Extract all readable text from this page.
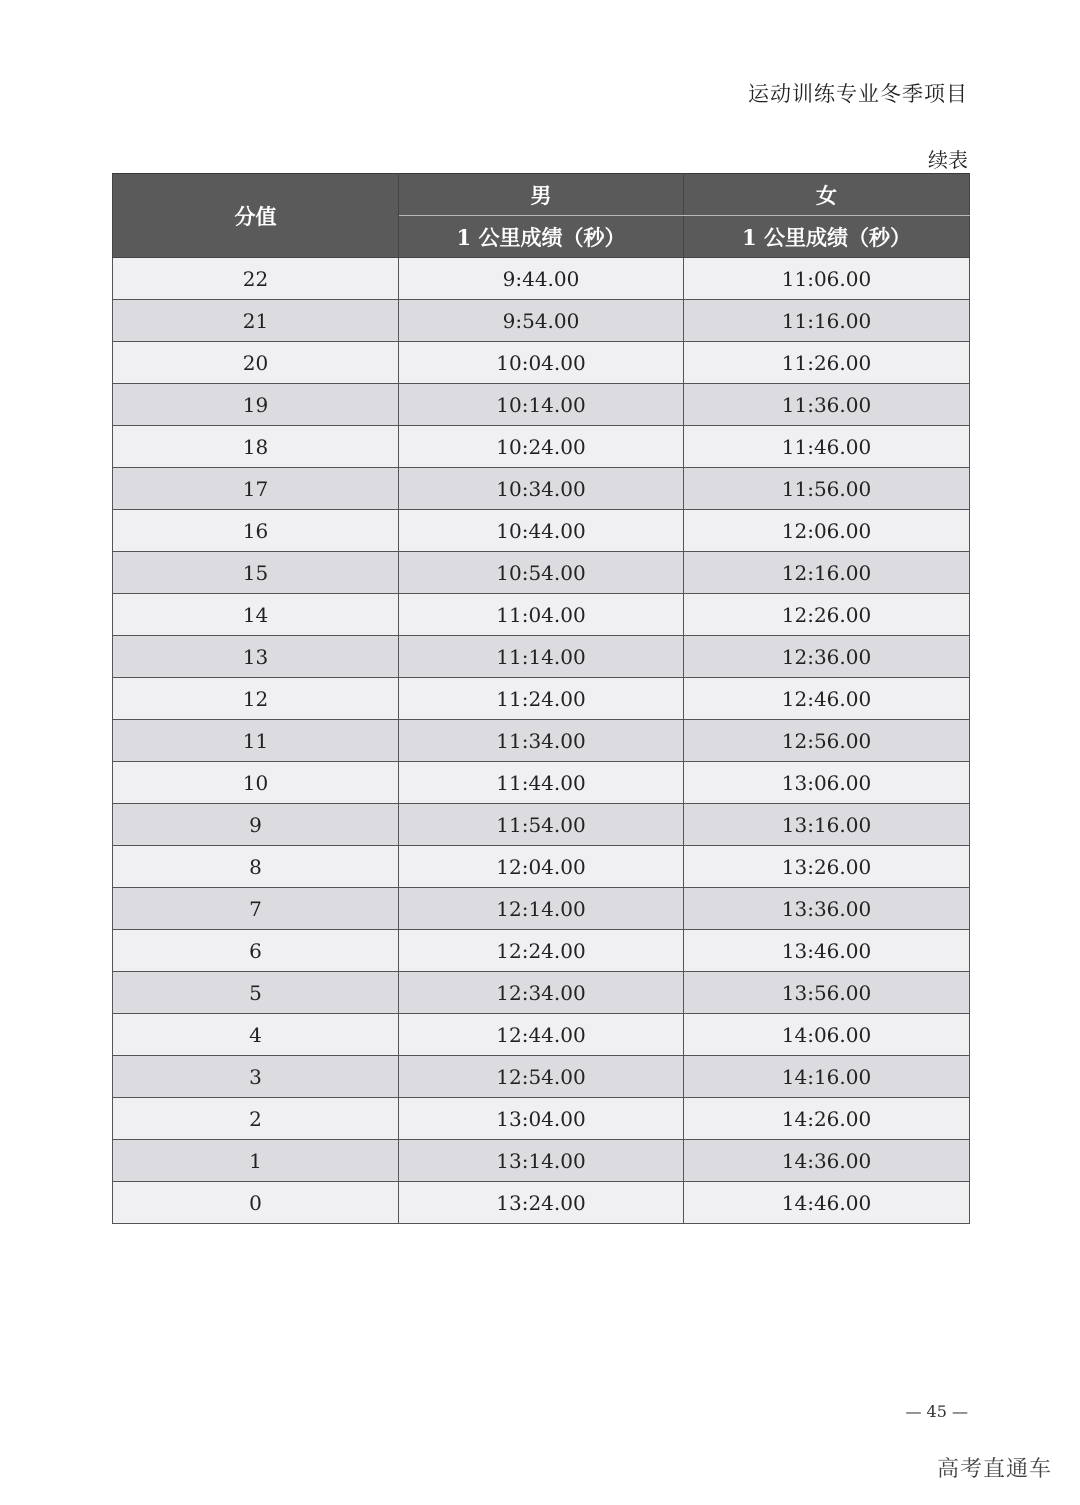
运动训练专业冬季项目
续表
分值	男	女
	1 公里成绩（秒）	1 公里成绩（秒）
22	9:44.00	11:06.00
21	9:54.00	11:16.00
20	10:04.00	11:26.00
19	10:14.00	11:36.00
18	10:24.00	11:46.00
17	10:34.00	11:56.00
16	10:44.00	12:06.00
15	10:54.00	12:16.00
14	11:04.00	12:26.00
13	11:14.00	12:36.00
12	11:24.00	12:46.00
11	11:34.00	12:56.00
10	11:44.00	13:06.00
9	11:54.00	13:16.00
8	12:04.00	13:26.00
7	12:14.00	13:36.00
6	12:24.00	13:46.00
5	12:34.00	13:56.00
4	12:44.00	14:06.00
3	12:54.00	14:16.00
2	13:04.00	14:26.00
1	13:14.00	14:36.00
0	13:24.00	14:46.00
— 45 —
高考直通车
